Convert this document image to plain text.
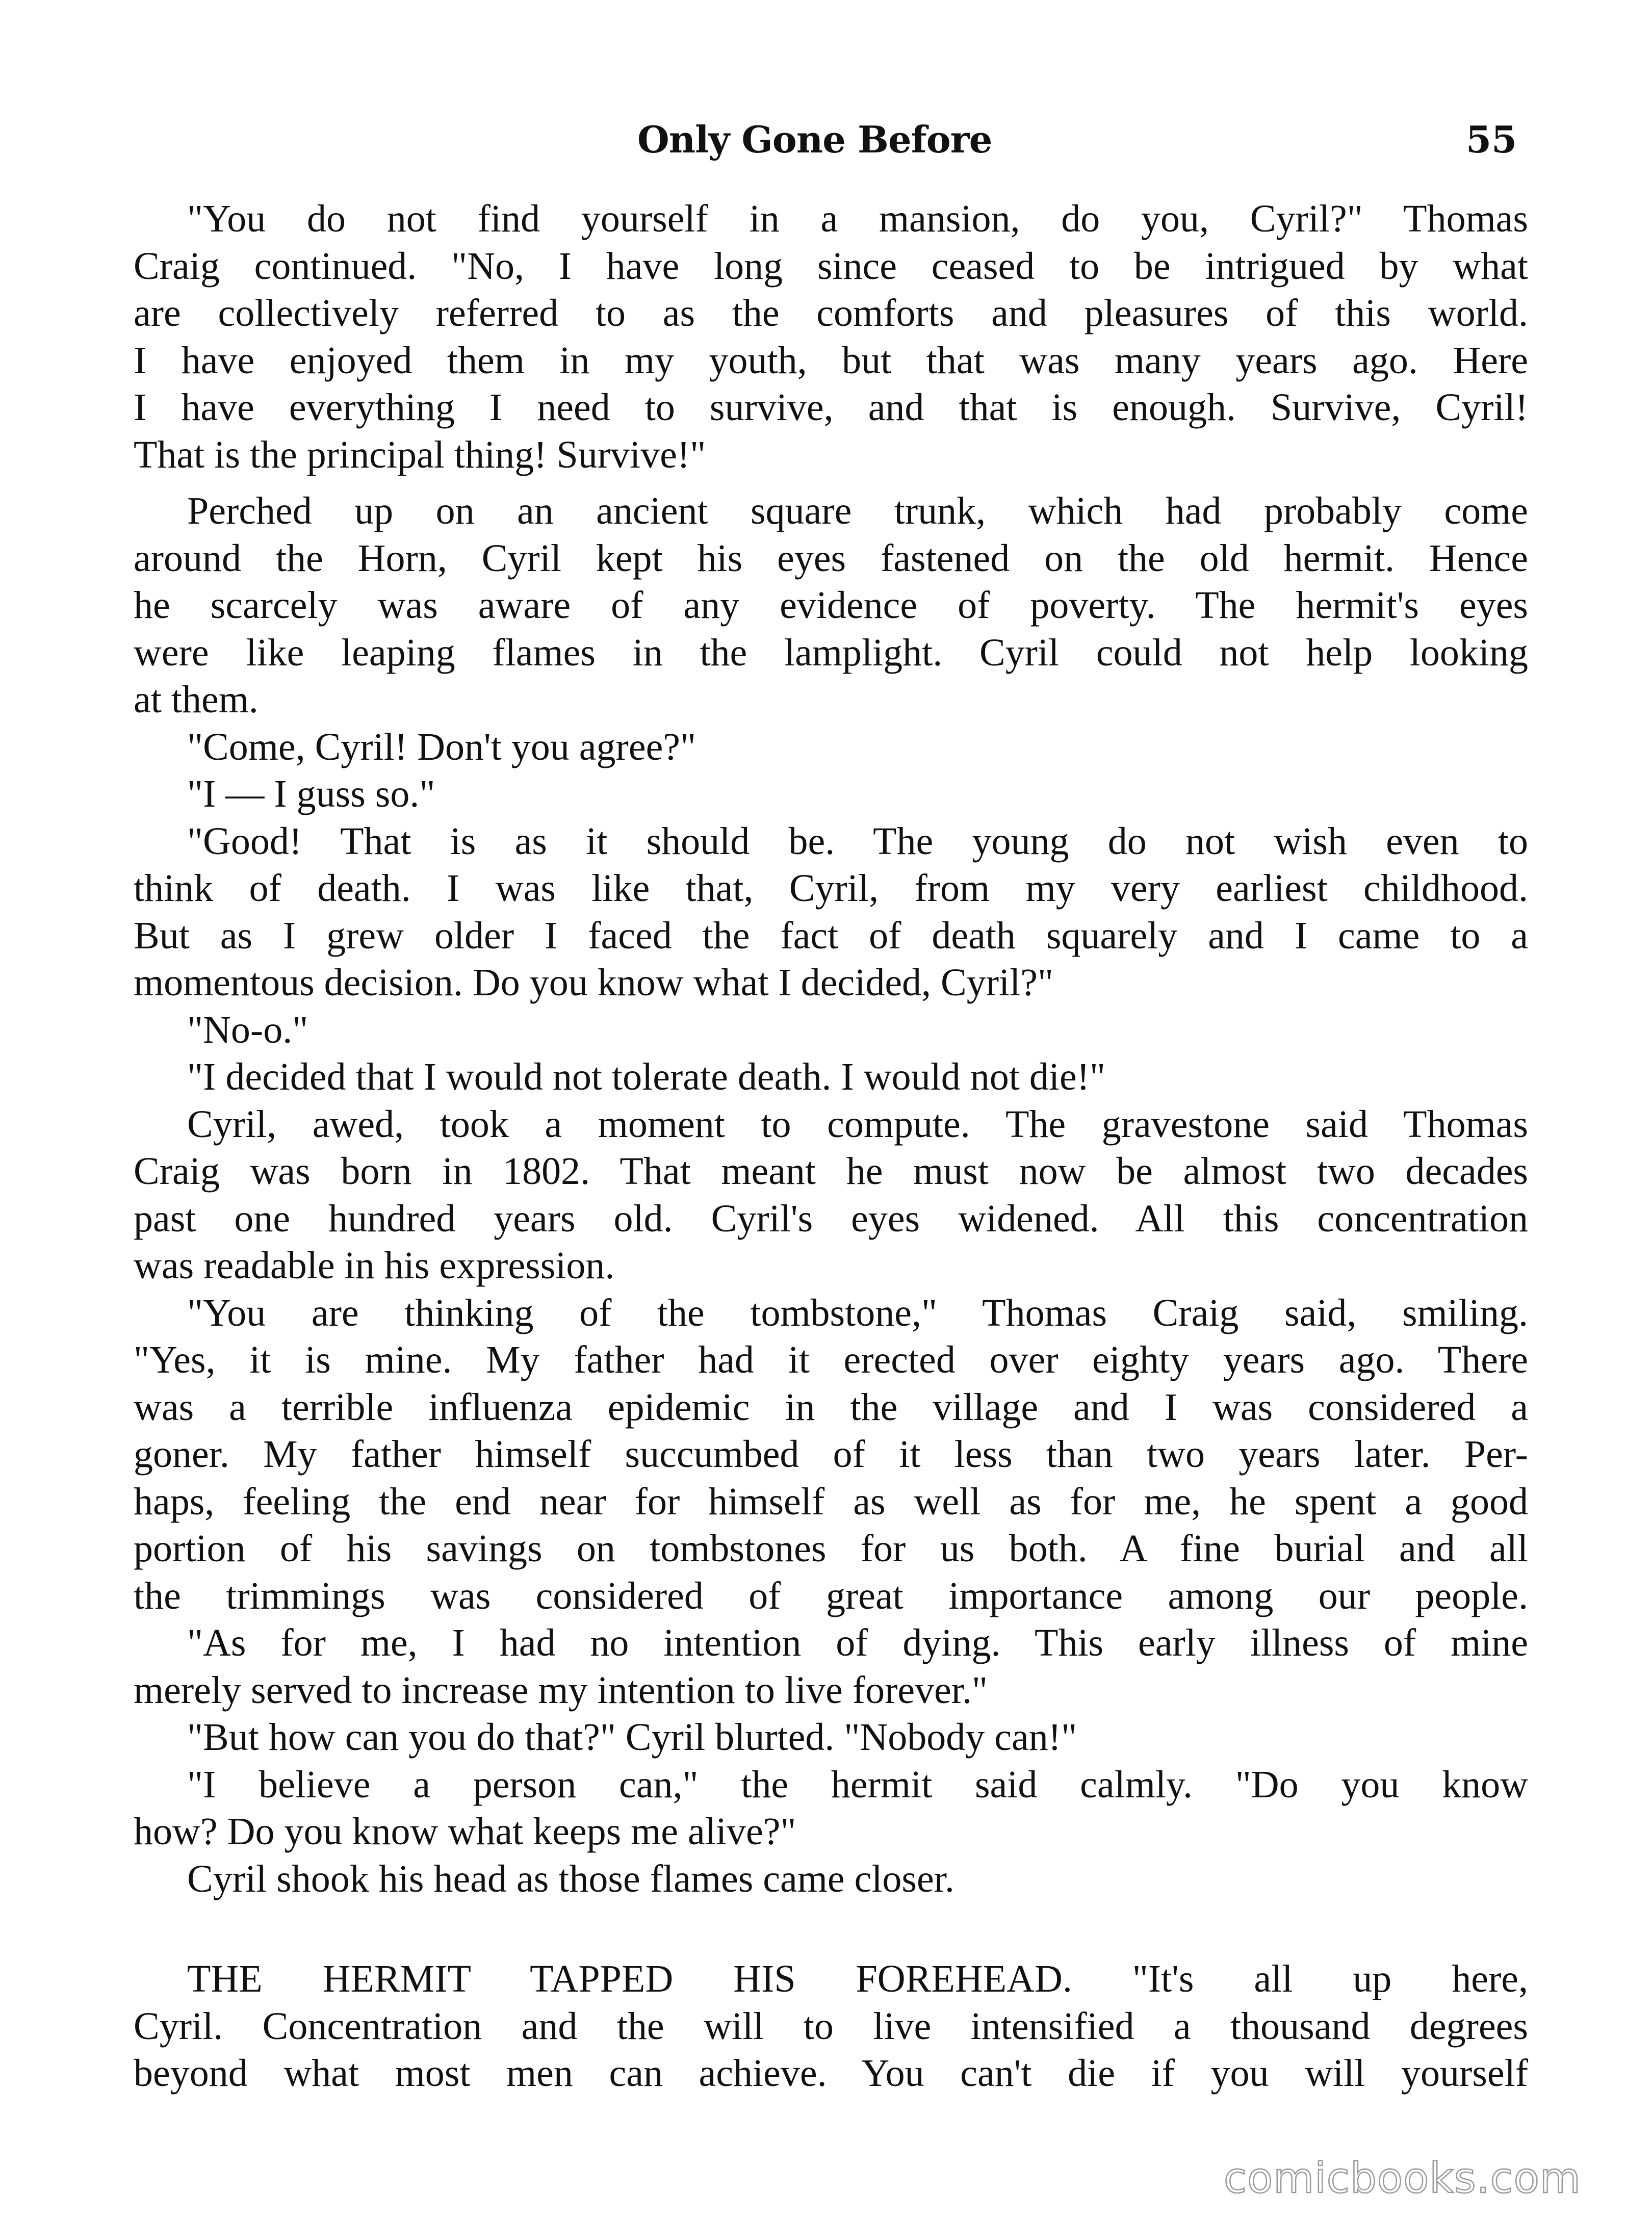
Only Gone Before	55
"You do not find yourself in a mansion, do you, Cyril?" Thomas
Craig continued. "No, I have long since ceased to be intrigued by what
are collectively referred to as the comforts and pleasures of this world.
I have enjoyed them in my youth, but that was many years ago. Here
I have everything I need to survive, and that is enough. Survive, Cyril!
That is the principal thing! Survive!"
Perched up on an ancient square trunk, which had probably come
around the Horn, Cyril kept his eyes fastened on the old hermit. Hence
he scarcely was aware of any evidence of poverty. The hermit's eyes
were like leaping flames in the lamplight. Cyril could not help looking
at them.
"Come, Cyril! Don't you agree?"
"I — I guss so."
"Good! That is as it should be. The young do not wish even to
think of death. I was like that, Cyril, from my very earliest childhood.
But as I grew older I faced the fact of death squarely and I came to a
momentous decision. Do you know what I decided, Cyril?"
"No-o."
"I decided that I would not tolerate death. I would not die!"
Cyril, awed, took a moment to compute. The gravestone said Thomas
Craig was born in 1802. That meant he must now be almost two decades
past one hundred years old. Cyril's eyes widened. All this concentration
was readable in his expression.
"You are thinking of the tombstone," Thomas Craig said, smiling.
"Yes, it is mine. My father had it erected over eighty years ago. There
was a terrible influenza epidemic in the village and I was considered a
goner. My father himself succumbed of it less than two years later. Per-
haps, feeling the end near for himself as well as for me, he spent a good
portion of his savings on tombstones for us both. A fine burial and all
the trimmings was considered of great importance among our people.
"As for me, I had no intention of dying. This early illness of mine
merely served to increase my intention to live forever."
"But how can you do that?" Cyril blurted. "Nobody can!"
"I believe a person can," the hermit said calmly. "Do you know
how? Do you know what keeps me alive?"
Cyril shook his head as those flames came closer.
THE HERMIT TAPPED HIS FOREHEAD. "It's all up here,
Cyril. Concentration and the will to live intensified a thousand degrees
beyond what most men can achieve. You can't die if you will yourself
comicbooks.com
